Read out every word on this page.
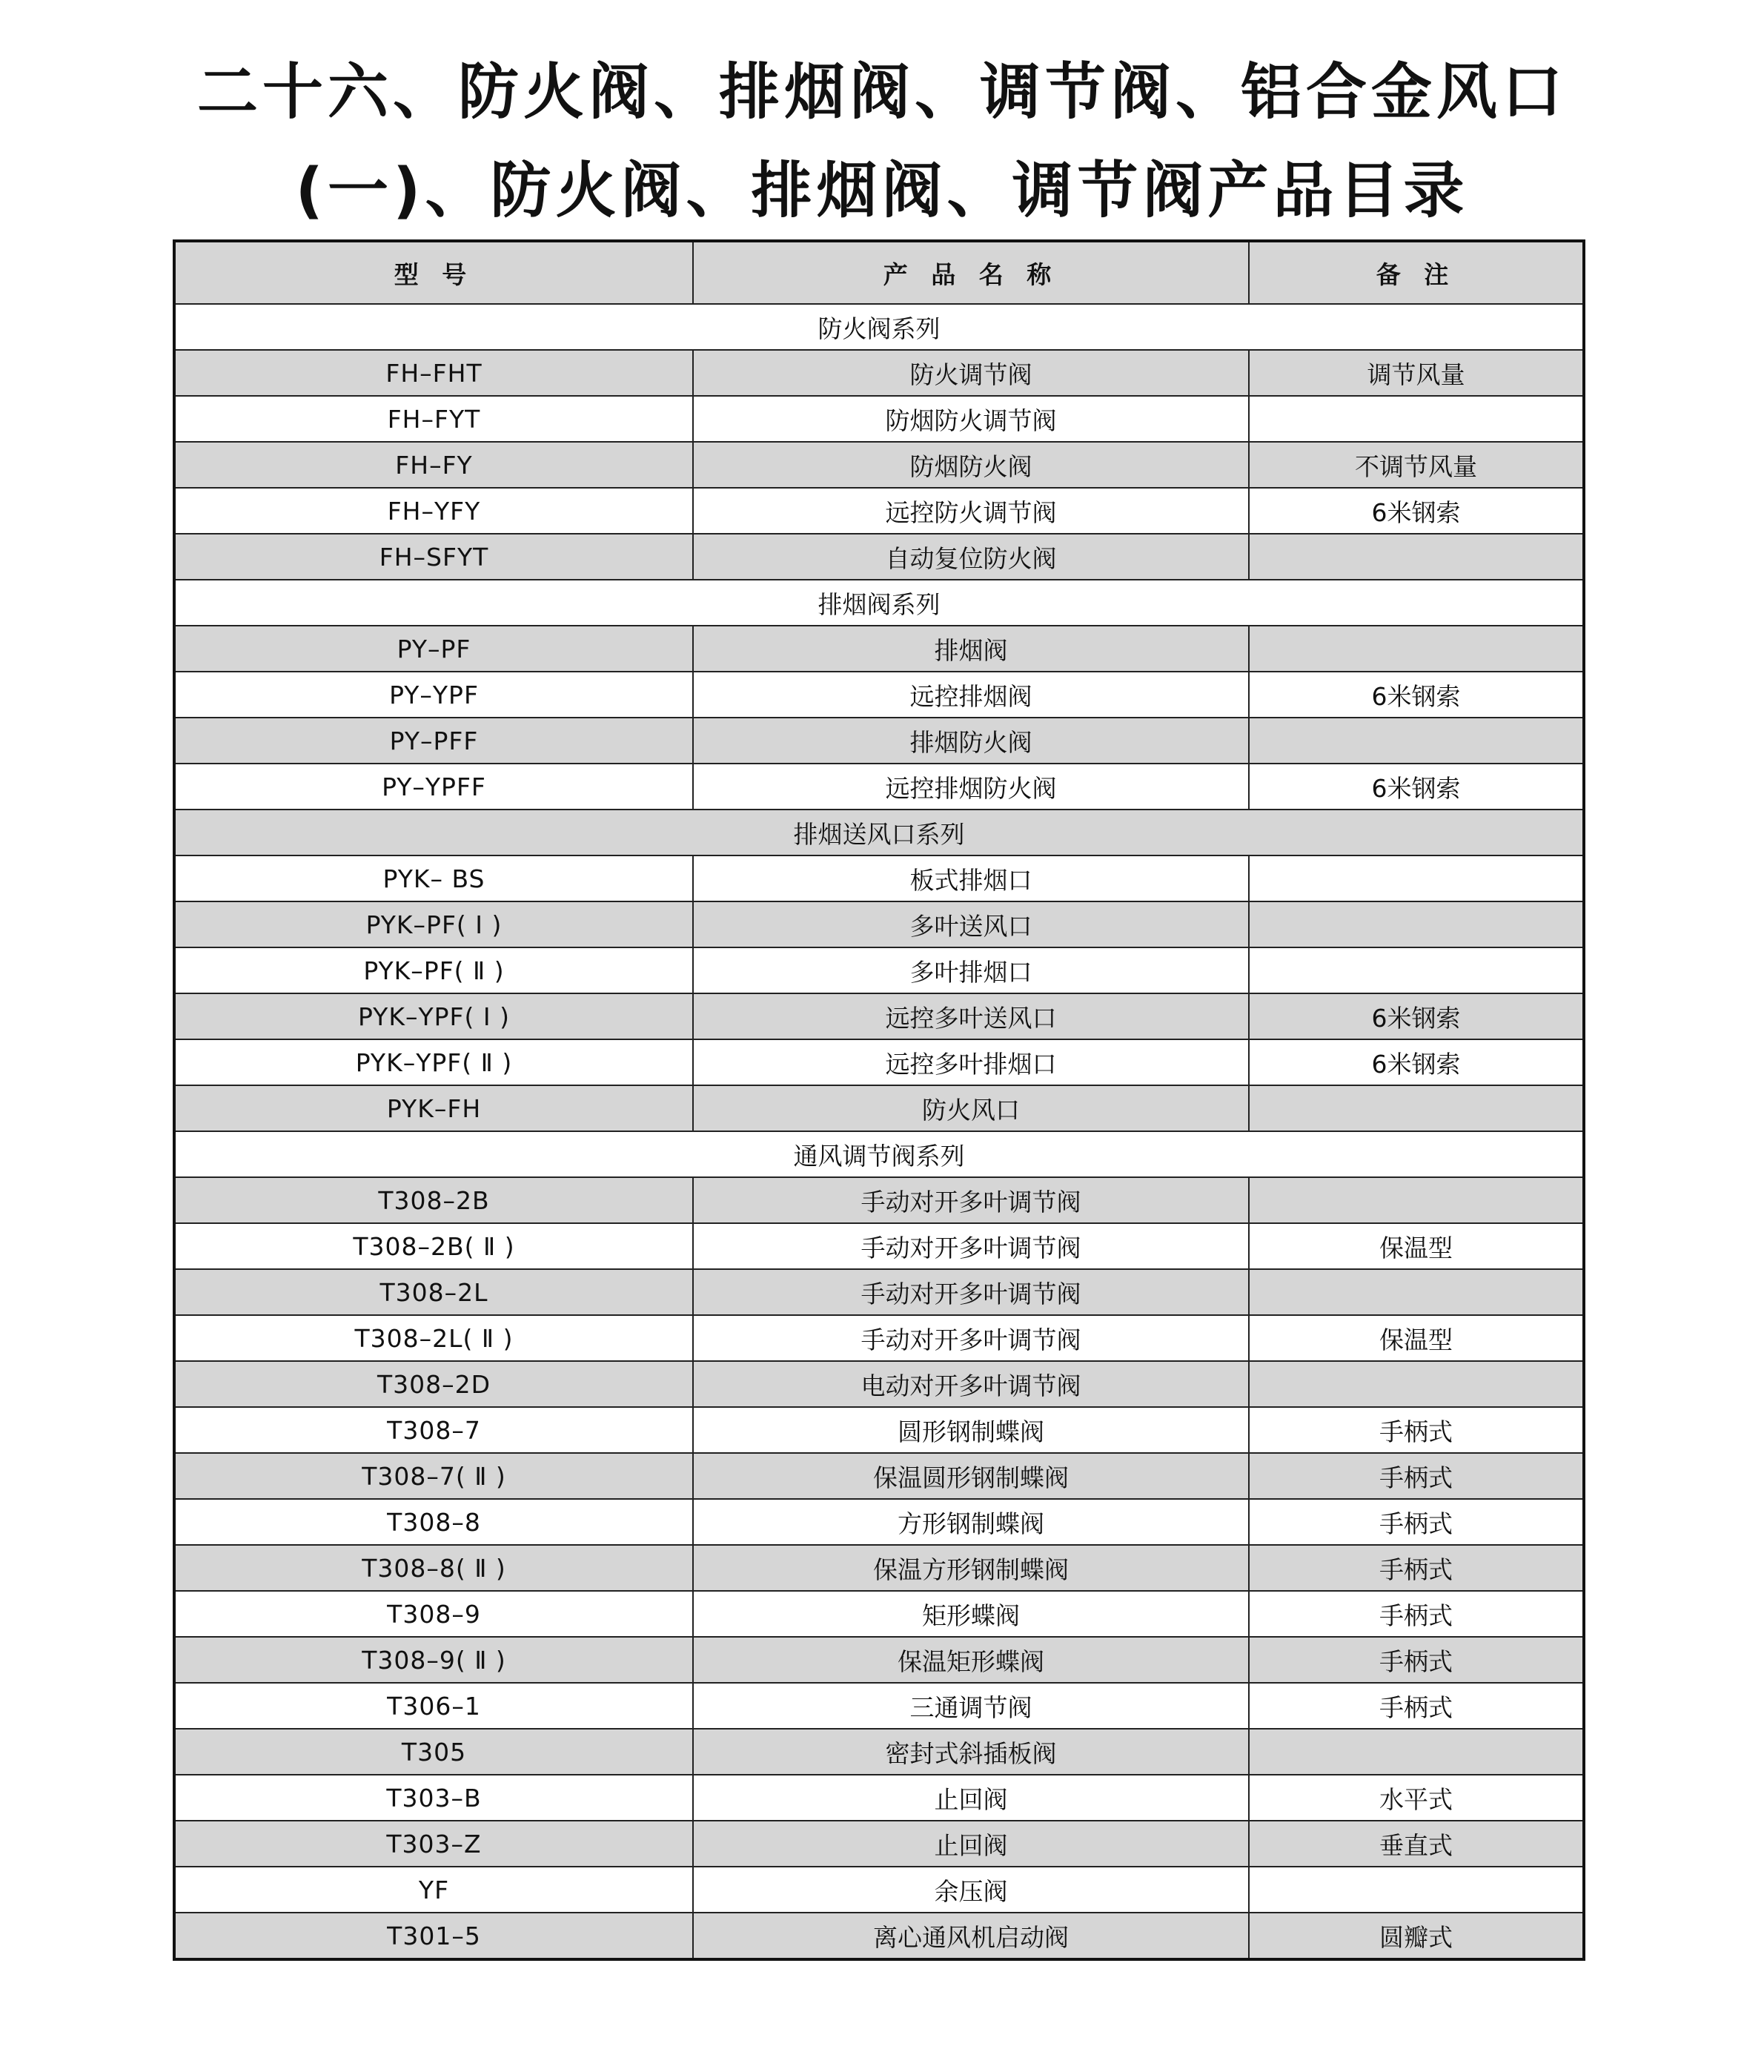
二十六、防火阀、排烟阀、调节阀、铝合金风口
(一)、防火阀、排烟阀、调节阀产品目录
型 号	产 品 名 称	备 注
防火阀系列		
FH–FHT	防火调节阀	调节风量
FH–FYT	防烟防火调节阀	
FH–FY	防烟防火阀	不调节风量
FH–YFY	远控防火调节阀	6米钢索
FH–SFYT	自动复位防火阀	
排烟阀系列		
PY–PF	排烟阀	
PY–YPF	远控排烟阀	6米钢索
PY–PFF	排烟防火阀	
PY–YPFF	远控排烟防火阀	6米钢索
排烟送风口系列		
PYK– BS	板式排烟口	
PYK–PF( Ⅰ )	多叶送风口	
PYK–PF( Ⅱ )	多叶排烟口	
PYK–YPF( Ⅰ )	远控多叶送风口	6米钢索
PYK–YPF( Ⅱ )	远控多叶排烟口	6米钢索
PYK–FH	防火风口	
通风调节阀系列		
T308–2B	手动对开多叶调节阀	
T308–2B( Ⅱ )	手动对开多叶调节阀	保温型
T308–2L	手动对开多叶调节阀	
T308–2L( Ⅱ )	手动对开多叶调节阀	保温型
T308–2D	电动对开多叶调节阀	
T308–7	圆形钢制蝶阀	手柄式
T308–7( Ⅱ )	保温圆形钢制蝶阀	手柄式
T308–8	方形钢制蝶阀	手柄式
T308–8( Ⅱ )	保温方形钢制蝶阀	手柄式
T308–9	矩形蝶阀	手柄式
T308–9( Ⅱ )	保温矩形蝶阀	手柄式
T306–1	三通调节阀	手柄式
T305	密封式斜插板阀	
T303–B	止回阀	水平式
T303–Z	止回阀	垂直式
YF	余压阀	
T301–5	离心通风机启动阀	圆瓣式
